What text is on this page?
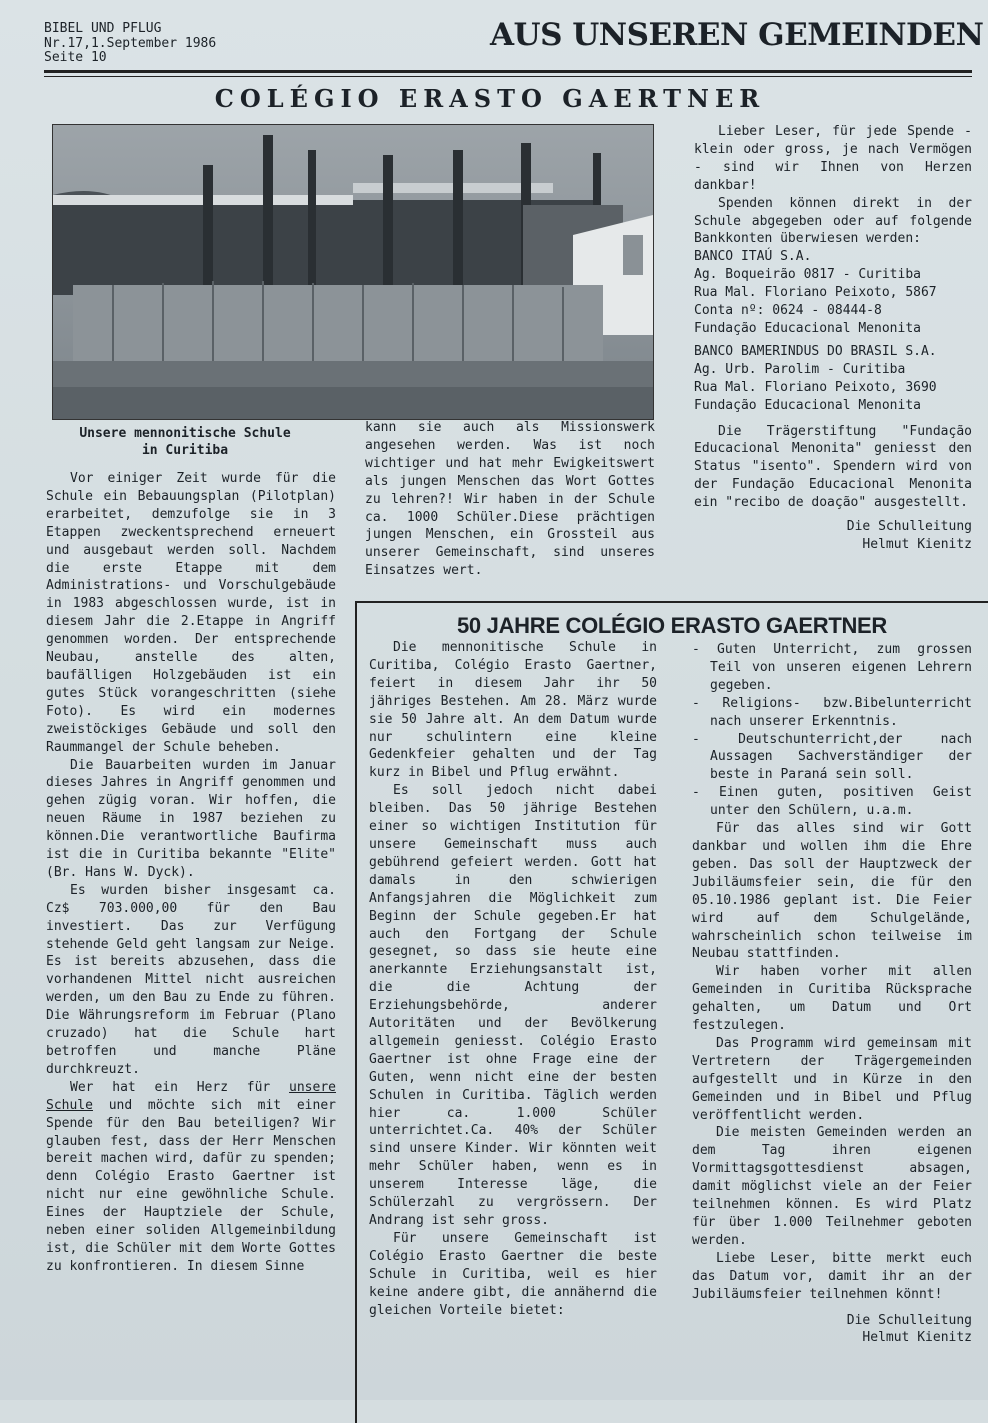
BIBEL UND PFLUG
Nr.17,1.September 1986
Seite 10
AUS UNSEREN GEMEINDEN
COLÉGIO ERASTO GAERTNER
Unsere mennonitische Schule
in Curitiba

Vor einiger Zeit wurde für die Schule ein Bebauungsplan (Pilotplan) erarbeitet, demzufolge sie in 3 Etappen zweckentsprechend erneuert und ausgebaut werden soll. Nachdem die erste Etappe mit dem Administrations- und Vorschulgebäude in 1983 abgeschlossen wurde, ist in diesem Jahr die 2.Etappe in Angriff genommen worden. Der entsprechende Neubau, anstelle des alten, baufälligen Holzgebäuden ist ein gutes Stück vorangeschritten (siehe Foto). Es wird ein modernes zweistöckiges Gebäude und soll den Raummangel der Schule beheben.

Die Bauarbeiten wurden im Januar dieses Jahres in Angriff genommen und gehen zügig voran. Wir hoffen, die neuen Räume in 1987 beziehen zu können.Die verantwortliche Baufirma ist die in Curitiba bekannte "Elite" (Br. Hans W. Dyck).

Es wurden bisher insgesamt ca. Cz$ 703.000,00 für den Bau investiert. Das zur Verfügung stehende Geld geht langsam zur Neige. Es ist bereits abzusehen, dass die vorhandenen Mittel nicht ausreichen werden, um den Bau zu Ende zu führen. Die Währungsreform im Februar (Plano cruzado) hat die Schule hart betroffen und manche Pläne durchkreuzt.

Wer hat ein Herz für unsere Schule und möchte sich mit einer Spende für den Bau beteiligen? Wir glauben fest, dass der Herr Menschen bereit machen wird, dafür zu spenden; denn Colégio Erasto Gaertner ist nicht nur eine gewöhnliche Schule. Eines der Hauptziele der Schule, neben einer soliden Allgemeinbildung ist, die Schüler mit dem Worte Gottes zu konfrontieren. In diesem Sinne

kann sie auch als Missionswerk angesehen werden. Was ist noch wichtiger und hat mehr Ewigkeitswert als jungen Menschen das Wort Gottes zu lehren?! Wir haben in der Schule ca. 1000 Schüler.Diese prächtigen jungen Menschen, ein Grossteil aus unserer Gemeinschaft, sind unseres Einsatzes wert.

Lieber Leser, für jede Spende - klein oder gross, je nach Vermögen - sind wir Ihnen von Herzen dankbar!

Spenden können direkt in der Schule abgegeben oder auf folgende Bankkonten überwiesen werden:

BANCO ITAÚ S.A.
Ag. Boqueirão 0817 - Curitiba
Rua Mal. Floriano Peixoto, 5867
Conta nº: 0624 - 08444-8
Fundação Educacional Menonita
BANCO BAMERINDUS DO BRASIL S.A.
Ag. Urb. Parolim - Curitiba
Rua Mal. Floriano Peixoto, 3690
Fundação Educacional Menonita

Die Trägerstiftung "Fundação Educacional Menonita" geniesst den Status "isento". Spendern wird von der Fundação Educacional Menonita ein "recibo de doação" ausgestellt.

Die Schulleitung

Helmut Kienitz

50 JAHRE COLÉGIO ERASTO GAERTNER

Die mennonitische Schule in Curitiba, Colégio Erasto Gaertner, feiert in diesem Jahr ihr 50 jähriges Bestehen. Am 28. März wurde sie 50 Jahre alt. An dem Datum wurde nur schulintern eine kleine Gedenkfeier gehalten und der Tag kurz in Bibel und Pflug erwähnt.

Es soll jedoch nicht dabei bleiben. Das 50 jährige Bestehen einer so wichtigen Institution für unsere Gemeinschaft muss auch gebührend gefeiert werden. Gott hat damals in den schwierigen Anfangsjahren die Möglichkeit zum Beginn der Schule gegeben.Er hat auch den Fortgang der Schule gesegnet, so dass sie heute eine anerkannte Erziehungsanstalt ist, die die Achtung der Erziehungsbehörde, anderer Autoritäten und der Bevölkerung allgemein geniesst. Colégio Erasto Gaertner ist ohne Frage eine der Guten, wenn nicht eine der besten Schulen in Curitiba. Täglich werden hier ca. 1.000 Schüler unterrichtet.Ca. 40% der Schüler sind unsere Kinder. Wir könnten weit mehr Schüler haben, wenn es in unserem Interesse läge, die Schülerzahl zu vergrössern. Der Andrang ist sehr gross.

Für unsere Gemeinschaft ist Colégio Erasto Gaertner die beste Schule in Curitiba, weil es hier keine andere gibt, die annähernd die gleichen Vorteile bietet:

- Guten Unterricht, zum grossen Teil von unseren eigenen Lehrern gegeben.

- Religions- bzw.Bibelunterricht nach unserer Erkenntnis.

- Deutschunterricht,der nach Aussagen Sachverständiger der beste in Paraná sein soll.

- Einen guten, positiven Geist unter den Schülern, u.a.m.

Für das alles sind wir Gott dankbar und wollen ihm die Ehre geben. Das soll der Hauptzweck der Jubiläumsfeier sein, die für den 05.10.1986 geplant ist. Die Feier wird auf dem Schulgelände, wahrscheinlich schon teilweise im Neubau stattfinden.

Wir haben vorher mit allen Gemeinden in Curitiba Rücksprache gehalten, um Datum und Ort festzulegen.

Das Programm wird gemeinsam mit Vertretern der Trägergemeinden aufgestellt und in Kürze in den Gemeinden und in Bibel und Pflug veröffentlicht werden.

Die meisten Gemeinden werden an dem Tag ihren eigenen Vormittagsgottesdienst absagen, damit möglichst viele an der Feier teilnehmen können. Es wird Platz für über 1.000 Teilnehmer geboten werden.

Liebe Leser, bitte merkt euch das Datum vor, damit ihr an der Jubiläumsfeier teilnehmen könnt!

Die Schulleitung

Helmut Kienitz
